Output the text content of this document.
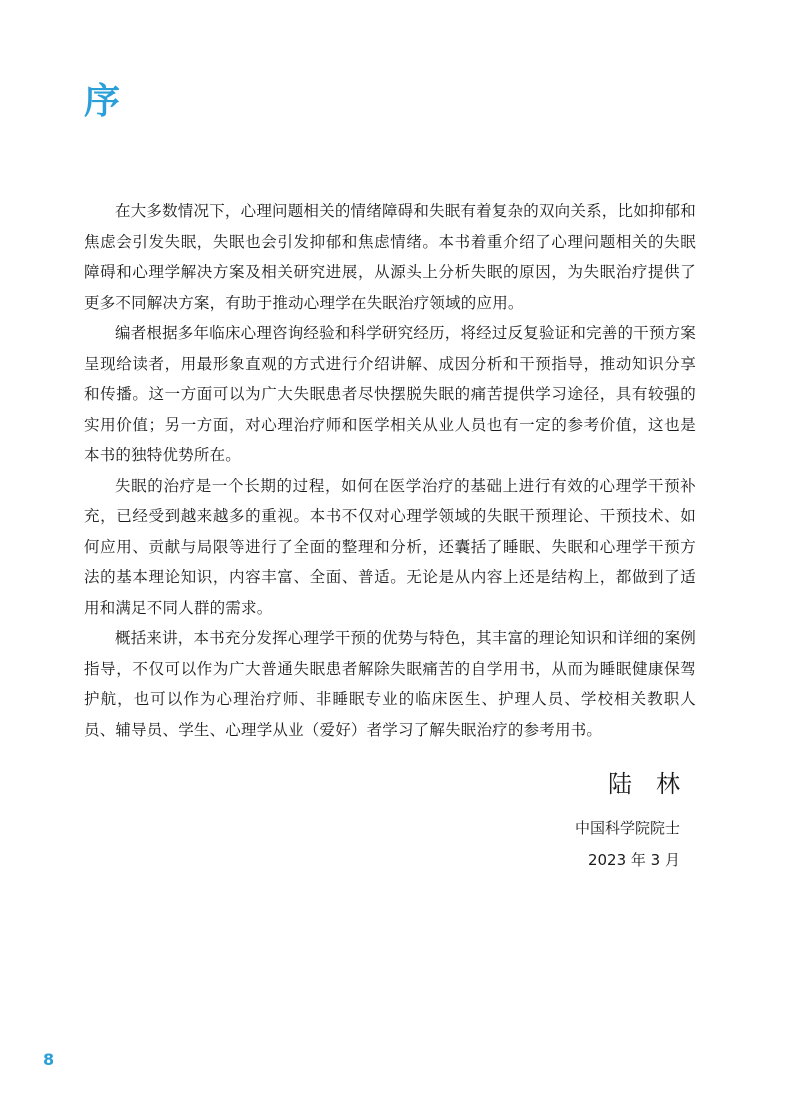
序

在大多数情况下，心理问题相关的情绪障碍和失眠有着复杂的双向关系，比如抑郁和焦虑会引发失眠，失眠也会引发抑郁和焦虑情绪。本书着重介绍了心理问题相关的失眠障碍和心理学解决方案及相关研究进展，从源头上分析失眠的原因，为失眠治疗提供了更多不同解决方案，有助于推动心理学在失眠治疗领域的应用。

编者根据多年临床心理咨询经验和科学研究经历，将经过反复验证和完善的干预方案呈现给读者，用最形象直观的方式进行介绍讲解、成因分析和干预指导，推动知识分享和传播。这一方面可以为广大失眠患者尽快摆脱失眠的痛苦提供学习途径，具有较强的实用价值；另一方面，对心理治疗师和医学相关从业人员也有一定的参考价值，这也是本书的独特优势所在。

失眠的治疗是一个长期的过程，如何在医学治疗的基础上进行有效的心理学干预补充，已经受到越来越多的重视。本书不仅对心理学领域的失眠干预理论、干预技术、如何应用、贡献与局限等进行了全面的整理和分析，还囊括了睡眠、失眠和心理学干预方法的基本理论知识，内容丰富、全面、普适。无论是从内容上还是结构上，都做到了适用和满足不同人群的需求。

概括来讲，本书充分发挥心理学干预的优势与特色，其丰富的理论知识和详细的案例指导，不仅可以作为广大普通失眠患者解除失眠痛苦的自学用书，从而为睡眠健康保驾护航，也可以作为心理治疗师、非睡眠专业的临床医生、护理人员、学校相关教职人员、辅导员、学生、心理学从业（爱好）者学习了解失眠治疗的参考用书。

陆林
中国科学院院士
2023 年 3 月
8
